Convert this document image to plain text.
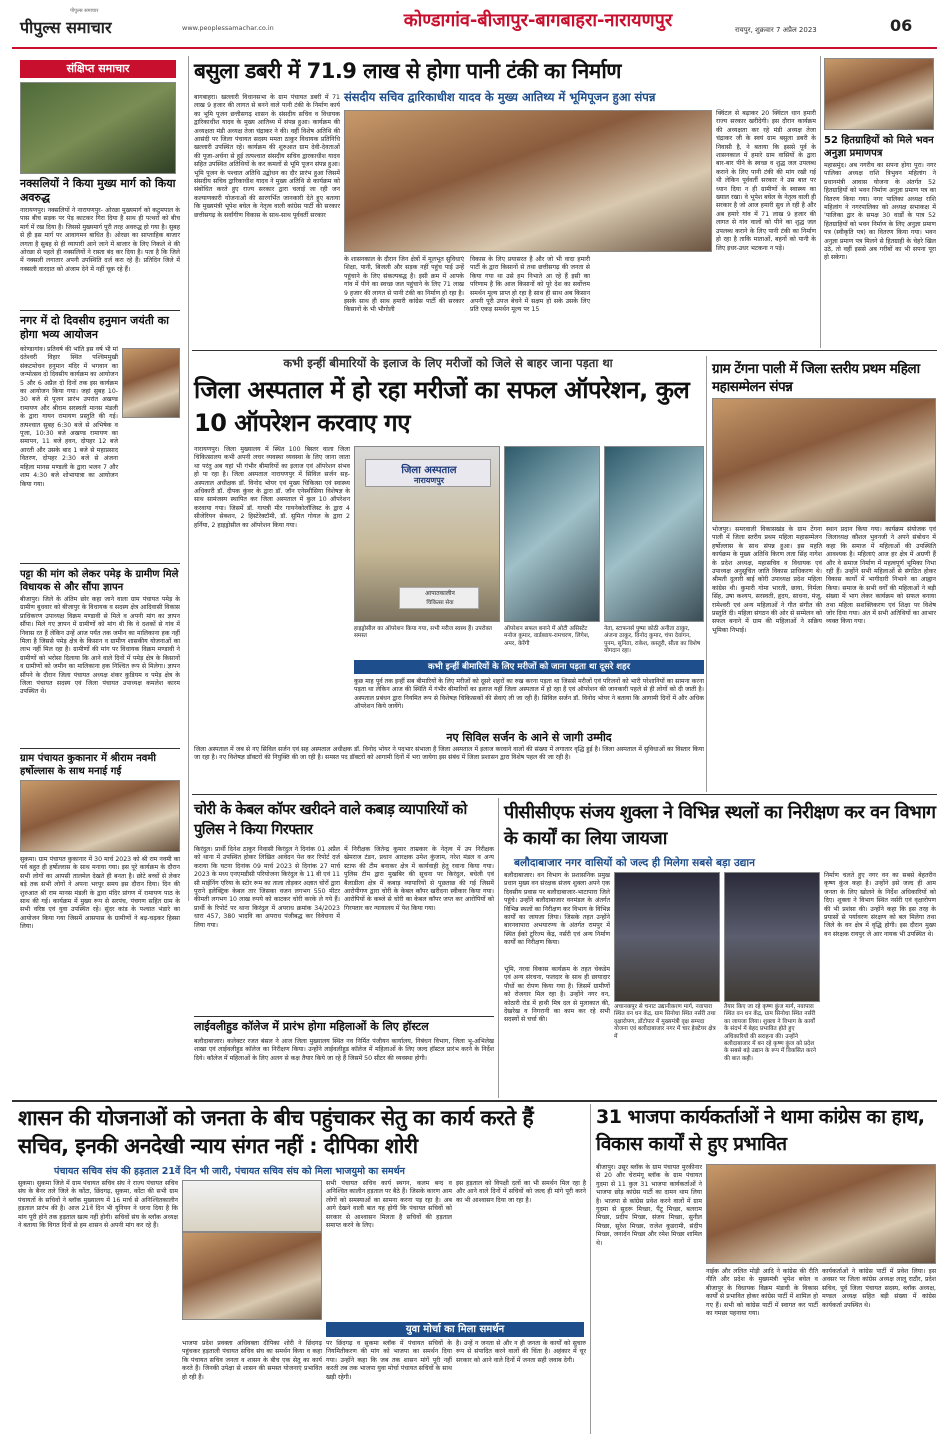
पीपुल्स समाचार
पीपुल्स समाचार	www.peoplessamachar.co.in	कोण्डागांव-बीजापुर-बागबाहरा-नारायणपुर	रायपुर, शुक्रवार 7 अप्रैल 2023	06
संक्षिप्त समाचार
नक्सलियों ने किया मुख्य मार्ग को किया अवरुद्ध
नारायणपुर। नक्सलियों ने नारायणपुर- ओरछा मुख्यमार्ग को कटुमपाल के पास बीच सड़क पर पेड़ काटकर गिरा दिया है साथ ही पत्थरों को बीच मार्ग में रख दिया है। जिससे मुख्यमार्ग पूरी तरह अवरुद्ध हो गया है। सुबह से ही इस मार्ग पर आवागमन बाधित है। ओरछा का साप्ताहिक बाजार लगता है सुबह से ही व्यापारी आने जाने में बाजार के लिए निकले थे की ओरछा से पहले ही नक्सलियों ने रास्ता बंद कर दिया है। पता है कि जिले में नक्सली लगातार अपनी उपस्थिति दर्ज करा रहे हैं। प्रतिदिन जिले में नक्सली वारदात को अंजाम देने में नहीं चूक रहे हैं।
नगर में दो दिवसीय हनुमान जयंती का होगा भव्य आयोजन
कोण्डागांव। प्रतिवर्ष की भांति इस वर्ष भी मां दंतेश्वरी विहार स्थित पश्चिममुखी संकटमोचन हनुमान मंदिर में भगवान का जन्मोत्सव दो दिवसीय कार्यक्रम का आयोजन 5 और 6 अप्रैल दो दिनों तक इस कार्यक्रम का आयोजन किया गया। जहां सुबह 10-30 बजे से पूजन प्रारंभ उपरांत अखण्ड रामायण और श्रीराम सरस्वती मानस मंडली के द्वारा गायन रामायण प्रस्तुति की गई। तत्पश्चात सुबह 6:30 बजे से अभिषेक व पूजा, 10:30 बजे अखण्ड रामायण का समापन, 11 बजे हवन, दोपहर 12 बजे आरती और उसके बाद 1 बजे से महाप्रसाद वितरण, दोपहर 2:30 बजे से अंजना महिला मानस मण्डली के द्वारा भजन 7 और शाम 4:30 बजे शोभायात्रा का आयोजन किया गया।
पट्टा की मांग को लेकर पमेड़ के ग्रामीण मिले विधायक से और सौंपा ज्ञापन
बीजापुर। जिले के अंतिम छोर कहा जाने वाला ग्राम पंचायत पमेड़ के ग्रामीण बुधवार को बीजापुर के विधायक व सदस्य क्षेत्र आदिवासी विकास प्राधिकरण उपाध्यक्ष विक्रम मण्डावी से मिले व अपनी मांग का ज्ञापन सौंपा। मिले गए ज्ञापन में ग्रामीणों को मांग थी कि वे दशकों से गांव में निवास रत हैं लेकिन उन्हें आज पर्यंत तक जमीन का मालिकाना हक नहीं मिला है जिससे पमेड़ क्षेत्र के किसान व ग्रामीण शासकीय योजनाओं का लाभ नहीं मिल रहा है। ग्रामीणों की मांग पर विधायक विक्रम मण्डावी ने ग्रामीणों को भरोसा दिलाया कि आने वाले दिनों में पमेड़ क्षेत्र के किसानों व ग्रामीणों को जमीन का मालिकाना हक निश्चित रूप से मिलेगा। ज्ञापन सौंपने के दौरान जिला पंचायत अध्यक्ष शंकर कुडियम व पमेड़ क्षेत्र के जिला पंचायत सदस्य एवं जिला पंचायत उपाध्यक्ष कमलेश कारम उपस्थित थे।
ग्राम पंचायत कुकानार में श्रीराम नवमी हर्षोल्लास के साथ मनाई गई
सुकमा। ग्राम पंचायत कुकानार में 30 मार्च 2023 को श्री राम नवमी का पर्व बहुत ही हर्षोल्लास के साथ मनाया गया। इस पूरे कार्यक्रम के दौरान सभी लोगों का आपसी तालमेल देखते ही बनता है। छोटे बच्चों से लेकर बड़े तक सभी लोगों ने अपना भरपूर समय इस दौरान दिया। दिन की शुरुआत श्री राम मानस मंडली के द्वारा मंदिर प्रांगण में रामायण पाठ के साथ की गई। कार्यक्रम में मुख्य रूप से सरपंच, पंचगण सहित ग्राम के सभी वरिष्ठ एवं युवा उपस्थित रहे। सुंदर कांड के पश्चात भंडारे का आयोजन किया गया जिसमें आसपास के ग्रामीणों ने बढ़-चढ़कर हिस्सा लिया।
बसुला डबरी में 71.9 लाख से होगा पानी टंकी का निर्माण
संसदीय सचिव द्वारिकाधीश यादव के मुख्य आतिथ्य में भूमिपूजन हुआ संपन्न
बागबाहरा। खल्लारी विधानसभा के ग्राम पंचायत डबरी में 71 लाख 9 हजार की लागत से बनने वाले पानी टंकी के निर्माण कार्य का भूमि पूजन छत्तीसगढ़ शासन के संसदीय सचिव व विधायक द्वारिकाधीश यादव के मुख्य आतिथ्य में संपन्न हुआ। कार्यक्रम की अध्यक्षता मंडी अध्यक्ष तेजा चंद्राकर ने की। वहीं विशेष अतिथि की आसंदी पर जिला पंचायत सदस्य ममता ठाकुर विधायक प्रतिनिधि खल्लारी उपस्थित रहे। कार्यक्रम की शुरुआत ग्राम देवी-देवताओं की पूजा-अर्चना से हुई तत्पश्चात संसदीय सचिव द्वारकाधीश यादव सहित उपस्थित अतिथियों के कर कमलों से भूमि पूजन संपन्न हुआ। भूमि पूजन के पश्चात अतिथि उद्बोधन का दौर प्रारंभ हुआ जिसमें संसदीय सचिव द्वारिकाधीश यादव ने मुख्य अतिथि से कार्यक्रम को संबोधित करते हुए राज्य सरकार द्वारा चलाई जा रही जन कल्याणकारी योजनाओं की सारगर्भित जानकारी देते हुए बताया कि मुख्यमंत्री भूपेश बघेल के नेतृत्व वाली कांग्रेस पार्टी की सरकार छत्तीसगढ़ के सर्वांगीण विकास के साथ-साथ पूर्ववर्ती सरकार
के शासनकाल के दौरान जिन क्षेत्रों में मूलभूत सुविधाएं शिक्षा, पानी, बिजली और सड़क नहीं पहुंच पाई उन्हें पहुंचाने के लिए संकल्पबद्ध है। इसी क्रम में आपके गांव में पीने का स्वच्छ जल पहुंचाने के लिए 71 लाख 9 हजार की लागत से पानी टंकी का निर्माण हो रहा है। इसके साथ ही साथ हमारी कांग्रेस पार्टी की सरकार किसानों के भी भौगोली
विकास के लिए प्रयासरत है और जो भी वादा हमारी पार्टी के द्वारा किसानों से तथा छत्तीसगढ़ की जनता से किया गया था उसे हम निभाते आ रहे हैं इसी का परिणाम है कि आज किसानों को पूरे देश का सर्वोत्तम समर्थन मूल्य प्राप्त हो रहा है साथ ही साथ अब किसान अपनी पूरी उपज बेचने में सक्षम हो सके उसके लिए प्रति एकड़ समर्थन मूल्य पर 15
क्विंटल से बढ़ाकर 20 क्विंटल धान हमारी राज्य सरकार खरीदेगी। इस दौरान कार्यक्रम की अध्यक्षता कर रहे मंडी अध्यक्ष तेजा चंद्राकर जी के स्वयं ग्राम बसुला डबरी के निवासी है, ने बताया कि इससे पूर्व के शासनकाल में हमारे ग्राम वासियों के द्वारा बार-बार पीने के स्वच्छ व शुद्ध जल उपलब्ध कराने के लिए पानी टंकी की मांग रखी गई थी लेकिन पूर्ववर्ती सरकार ने उस बात पर ध्यान दिया न ही ग्रामीणों के स्वास्थ्य का ख्याल रखा। वे भूपेश बघेल के नेतृत्व वाली ही सरकार है जो आज हमारी सुध ले रही है और अब हमारे गांव में 71 लाख 9 हजार की लागत से गांव वालों को पीने का शुद्ध जल उपलब्ध कराने के लिए पानी टंकी का निर्माण हो रहा है ताकि माताओं, बहनों को पानी के लिए इधर-उधर भटकना न पड़े।
52 हितग्राहियों को मिले भवन अनुज्ञा प्रमाणपत्र
महासमुंद। अब नगरीय का सपना होगा पूरा। नगर पालिका अध्यक्ष राशि त्रिभुवन महिलांग ने प्रधानमंत्री आवास योजना के अंतर्गत 52 हितग्राहियों को भवन निर्माण अनुज्ञा प्रमाण पत्र का वितरण किया गया। नगर पालिका अध्यक्ष राशि महिलांग ने नगरपालिका को अध्यक्ष सभाकक्ष में 'पालिका द्वार के समक्ष 30 वार्डों के पात्र 52 हितग्राहियों को भवन निर्माण के लिए अनुज्ञा प्रमाण पत्र (स्वीकृति पत्र) का वितरण किया गया। भवन अनुज्ञा प्रमाण पत्र मिलने से हितग्राही के चेहरे खिल उठे, तो वहीं इससे अब गरीबों का भी सपना पूरा हो सकेगा।
कभी इन्हीं बीमारियों के इलाज के लिए मरीजों को जिले से बाहर जाना पड़ता था
जिला अस्पताल में हो रहा मरीजों का सफल ऑपरेशन, कुल 10 ऑपरेशन करवाए गए
नारायणपुर। जिला मुख्यालय में स्थित 100 बिस्तर वाला जिला चिकित्सालय कभी अपनी लचर व्यवस्था व्यवस्था के लिए जाना जाता था परंतु अब यहां भी गंभीर बीमारियों का इलाज एवं ऑपरेशन संभव हो पा रहा है। जिला अस्पताल नारायणपुर में सिविल सर्जन सह-अस्पताल अधीक्षक डॉ. विनोद भोयर एवं मुख्य चिकित्सा एवं स्वास्थ्य अधिकारी डॉ. दीपक कुंवर के द्वारा डॉ. जॉन एनेस्थीसिया विशेषज्ञ के साथ सामंजस्य स्थापित कर जिला अस्पताल में कुल 10 ऑपरेशन करवाया गया। जिसमें डॉ. गायत्री मीर गायनेकोलॉजिस्ट के द्वारा 4 सीजेरियन सेक्शन, 2 हिस्टेरेक्टॉमी, डॉ. सुमित गोयल के द्वारा 2 हर्निया, 2 हाइड्रोसील का ऑपरेशन किया गया।
जिला अस्पताल
नारायणपुर
आपातकालीन
चिकित्सा सेवा
हाइड्रोसील का ऑपरेशन किया गया, सभी मरीज स्वस्थ हैं। उपरोक्त समस्त
ऑपरेशन सफल बनाने में ओटी असिस्टेंट मनोज कुमार, वार्डब्वाय-रामचरण, लिगेश, अमर, केरेंगी
नेता, स्टाफनर्स पुष्पा कोठी अनीता ठाकुर, अंजना ठाकुर, विनोद कुमार, चंपा देवांगन, पुनम, सुनिता, राकेश, कस्तूरी, सीता का विशेष योगदान रहा।
कभी इन्हीं बीमारियों के लिए मरीजों को जाना पड़ता था दूसरे शहर
कुछ माह पूर्व तक इन्हीं सब बीमारियों के लिए मरीजों को दूसरे शहरों का रुख करना पड़ता था जिससे मरीजों एवं परिजनों को भारी परेशानियों का सामना करना पड़ता था लेकिन आज की स्थिति में गंभीर बीमारियों का इलाज यहीं जिला अस्पताल में हो रहा है एवं ऑपरेशन की जानकारी पहले से ही लोगों को दी जाती है। अस्पताल प्रबंधन द्वारा नियमित रूप से विशेषज्ञ चिकित्सकों की सेवाएं ली जा रही हैं। सिविल सर्जन डॉ. विनोद भोयर ने बताया कि आगामी दिनों में और अधिक ऑपरेशन किये जायेंगे।
नए सिविल सर्जन के आने से जागी उम्मीद
जिला अस्पताल में जब से नए सिविल सर्जन एवं सह अस्पताल अधीक्षक डॉ. विनोद भोयर ने पदभार संभाला है जिला अस्पताल में इलाज करवाने वालों की संख्या में लगातार वृद्धि हुई है। जिला अस्पताल में सुविधाओं का विस्तार किया जा रहा है। नए विशेषज्ञ डॉक्टरों की नियुक्ति की जा रही है। समस्त पद डॉक्टरों को आगामी दिनों में भरा जायेगा इस संबंध में जिला प्रशासन द्वारा विशेष पहल की जा रही है।
ग्राम टेंगना पाली में जिला स्तरीय प्रथम महिला महासम्मेलन संपन्न
भोजपुर। समरवाली विकासखंड के ग्राम टेंगना पाली में जिला स्तरीय प्रथम महिला महासम्मेलन हर्षोल्लास के साथ संपन्न हुआ। इस महति कार्यक्रम के मुख्य अतिथि किरण लता सिंह नागेश के प्रदेश अध्यक्ष, महासचिव व विधायक एवं उपाध्यक्ष अनुसूचित जाति विकास प्राधिकरण थे। श्रीमती दुलारी बाई कोरी उपाध्यक्ष प्रदेश महिला कांग्रेस थी। कुमारी गोमा भारती, छाया, निर्मला सिंह, उषा कश्यप, सरस्वती, हृदय, साधना, मंजू, रामेश्वरी एवं अन्य महिलाओं ने गीत संगीत की प्रस्तुति दी। महिला संगठन की ओर से सम्मेलन को सफल बनाने में ग्राम की महिलाओं ने सक्रिय भूमिका निभाई।
स्थान प्रदान किया गया। कार्यक्रम संयोजक एवं जिलाध्यक्ष कौशल भुवनजी ने अपने संबोधन में कहा कि समाज में महिलाओं की उपस्थिति आवश्यक है। महिलाएं आज हर क्षेत्र में अग्रणी हैं और वे समाज निर्माण में महत्वपूर्ण भूमिका निभा रही हैं। उन्होंने सभी महिलाओं से संगठित होकर विकास कार्यों में भागीदारी निभाने का आह्वान किया। समाज के सभी वर्गों की महिलाओं ने बड़ी संख्या में भाग लेकर कार्यक्रम को सफल बनाया तथा महिला सशक्तिकरण एवं शिक्षा पर विशेष जोर दिया गया। अंत में सभी अतिथियों का आभार व्यक्त किया गया।
चोरी के केबल कॉपर खरीदने वाले कबाड़ व्यापारियों को पुलिस ने किया गिरफ्तार
किरंदुल। प्रार्थी दिनेश ठाकुर निवासी किरंदुल ने दिनांक 01 अप्रैल को थाना में उपस्थित होकर लिखित आवेदन पेश कर रिपोर्ट दर्ज कराया कि घटना दिनांक 09 मार्च 2023 से दिनांक 27 मार्च 2023 के मध्य एनएमडीसी परियोजना किरंदुल के 11 बी एवं 11 सी माईनिंग एरिया के स्टोर रूम का ताला तोड़कर अज्ञात चोरों द्वारा पुराने इलेक्ट्रिक केबल तार जिसका वजन लगभग 550 मीटर कीमती लगभग 10 लाख रुपये को काटकर चोरी करके ले गये हैं। प्रार्थी के रिपोर्ट पर थाना किरंदुल में अपराध क्रमांक 34/2023 धारा 457, 380 भादवि का अपराध पंजीबद्ध कर विवेचना में लिया गया।
में निरीक्षक जितेन्द्र कुमार ताम्रकार के नेतृत्व में उप निरीक्षक खेमराज टंडन, प्रधान आरक्षक उमेश कुंजाम, नरेश मंडल व अन्य स्टाफ की टीम बनाकर क्षेत्र में कार्यवाही हेतु रवाना किया गया। पुलिस टीम द्वारा मुखबिर की सूचना पर किरंदुल, बचेली एवं बैलाडीला क्षेत्र में कबाड़ व्यापारियों से पूछताछ की गई जिसमें आरोपीगण द्वारा चोरी के केबल कॉपर खरीदना स्वीकार किया गया। आरोपियों के कब्जे से चोरी का केबल कॉपर जप्त कर आरोपियों को गिरफ्तार कर न्यायालय में पेश किया गया।
लाईवलीहुड कॉलेज में प्रारंभ होगा महिलाओं के लिए हॉस्टल
बलौदाबाजार। कलेक्टर रजत बंसल ने आज जिला मुख्यालय स्थित नव निर्मित पंजीयन कार्यालय, निबंधन विभाग, जिला भू-अभिलेख शाखा एवं लाईवलीहुड कॉलेज का निरीक्षण किया। उन्होंने लाईवलीहुड कॉलेज में महिलाओं के लिए जल्द हॉस्टल प्रारंभ करने के निर्देश दिये। कॉलेज में महिलाओं के लिए अलग से कक्ष तैयार किये जा रहे हैं जिसमें 50 सीटर की व्यवस्था होगी।
पीसीसीएफ संजय शुक्ला ने विभिन्न स्थलों का निरीक्षण कर वन विभाग के कार्यों का लिया जायजा
बलौदाबाजार नगर वासियों को जल्द ही मिलेगा सबसे बड़ा उद्यान
बलौदाबाजार। वन विभाग के प्रशासनिक प्रमुख प्रधान मुख्य वन संरक्षक संजय शुक्ला अपने एक दिवसीय प्रवास पर बलौदाबाजार-भाटापारा जिले पहुंचे। उन्होंने बलौदाबाजार वनमंडल के अंतर्गत विभिन्न स्थलों का निरीक्षण कर विभाग के विभिन्न कार्यों का जायजा लिया। जिसके तहत उन्होंने बारनवापारा अभयारण्य के अंतर्गत रामपुर में स्थित ईको टूरिज्म केंद्र, नर्सरी एवं अन्य निर्माण कार्यों का निरीक्षण किया।
भूमि, नरवा विकास कार्यक्रम के तहत चेकडेम एवं अन्य संरचना, फलदार के साथ ही छायादार पौधों का रोपण किया गया है। जिसमें ग्रामीणों को रोजगार मिल रहा है। उन्होंने नगर वन, कोठारी रोड में हाथी मित्र दल से मुलाकात की, देखरेख व निगरानी का काम कर रहे सभी सदस्यों से चर्चा की।
अचानकपुर से चनाट उद्यानीकरण मार्ग, नवापारा स्थित वन धन केंद्र, ग्राम सिनोधा स्थित नर्सरी तथा वृक्षारोपण, डोंटोपार में मुख्यमंत्री वृक्ष सम्पदा योजना एवं बलौदाबाजार नगर में चार हेक्टेयर क्षेत्र में
तैयार किए जा रहे कृष्ण कुंज मार्ग, नवापारा स्थित वन धन केंद्र, ग्राम सिनोधा स्थित नर्सरी का जायजा लिया। शुक्ला ने विभाग के कार्यों के संदर्भ में बेहद प्रभावित होते हुए अधिकारियों की सराहना की। उन्होंने बलौदाबाजार में बन रहे कृष्ण कुंज को प्रदेश के सबसे बड़े उद्यान के रूप में विकसित करने की बात कही।
निर्माण चलते हुए नगर वन का सबसे बेहतरीन कृष्ण कुंज कहा है। उन्होंने इसे जल्द ही आम जनता के लिए खोलने के निर्देश अधिकारियों को दिए। शुक्ला ने विभाग स्थित नर्सरी एवं वृक्षारोपण की भी प्रशंसा की। उन्होंने कहा कि इस तरह के प्रयासों से पर्यावरण संरक्षण को बल मिलेगा तथा जिले के वन क्षेत्र में वृद्धि होगी। इस दौरान मुख्य वन संरक्षक रायपुर जे आर नायक भी उपस्थित थे।
शासन की योजनाओं को जनता के बीच पहुंचाकर सेतु का कार्य करते हैं सचिव, इनकी अनदेखी न्याय संगत नहीं : दीपिका शोरी
पंचायत सचिव संघ की हड़ताल 21वें दिन भी जारी, पंचायत सचिव संघ को मिला भाजयुमो का समर्थन
सुकमा। सुकमा जिले में ग्राम पंचायत सचिव संघ ने राज्य पंचायत सचिव संघ के बैनर तले जिले के कोंटा, छिंदगढ़, सुकमा, कोंटा की सभी ग्राम पंचायतों के सचिवों ने ब्लॉक मुख्यालय में 16 मार्च से अनिश्चितकालीन हड़ताल प्रारंभ की है। आज 21वें दिन भी यूनियन ने धरना दिया है कि मांग पूरी होने तक हड़ताल खत्म नहीं होगी। सचिवों संघ के ब्लॉक अध्यक्ष ने बताया कि विगत दिनों से हम शासन से अपनी मांग कर रहे हैं।
सभी पंचायत सचिव कार्य स्थगन, कलम बन्द व अनिश्चित कालीन हड़ताल पर बैठे हैं। जिसके कारण आम लोगों को समस्याओं का सामना करना पड़ रहा है। अब आगे देखने वाली बात यह होगी कि पंचायत सचिवों को सरकार से आश्वासन मिलता है सचिवों की हड़ताल समाप्त करने के लिए।
इस हड़ताल को विपक्षी दलों का भी समर्थन मिल रहा है और आने वाले दिनों में सचिवों को जल्द ही मांगे पूरी करने का भी आश्वासन दिया जा रहा है।
युवा मोर्चा का मिला समर्थन
भाजपा प्रदेश प्रवक्ता अधिवक्ता दीपिका शोरी ने छिंदगढ़ पहुंचकर हड़ताली पंचायत सचिव संघ का समर्थन किया व कहा कि पंचायत सचिव जनता व शासन के बीच एक सेतु का कार्य करते हैं। जिनकी उपेक्षा से शासन की समस्त योजनाएं प्रभावित हो रही हैं।
पर छिंदगढ़ व सुकमा ब्लॉक में पंचायत सचिवों के नियमितीकरण की मांग को भाजपा का समर्थन दिया गया। उन्होंने कहा कि जब तक शासन मांगें पूरी नहीं करती तब तक भाजपा युवा मोर्चा पंचायत सचिवों के साथ खड़ी रहेगी।
है। उन्हें न जनता से और न ही जनता के कार्यों को सुचारु रूप से संपादित करने वालों की चिंता है। अहंकार में चूर सरकार को आने वाले दिनों में जनता सही जवाब देगी।
31 भाजपा कार्यकर्ताओं ने थामा कांग्रेस का हाथ, विकास कार्यों से हुए प्रभावित
बीजापुर। उसूर ब्लॉक के ग्राम पंचायत मुरकीनार से 20 और चेरामंगू ब्लॉक के ग्राम पंचायत गुदमा से 11 कुल 31 भाजपा कार्यकर्ताओं ने भाजपा छोड़ कांग्रेस पार्टी का दामन थाम लिया है। भाजपा से कांग्रेस प्रवेश करने वालों में ग्राम गुदमा से सुदरू मिच्छा, पैंटू मिच्छा, बलराम मिच्छा, प्रदीप मिच्छा, संजय मिच्छा, सुनील मिच्छा, सुरेश मिच्छा, राजेश कुडरामी, संदीप मिच्छा, जनार्दन मिच्छा और रमेश मिच्छा शामिल थे।
नाईक और ललित मोड़ी आदि ने कांग्रेस की रीति नीति और प्रदेश के मुख्यमंत्री भूपेश बघेल व बीजापुर के विधायक विक्रम मंडावी के विकास कार्यों से प्रभावित होकर कांग्रेस पार्टी में शामिल हो गए हैं। सभी को कांग्रेस पार्टी में स्वागत कर पार्टी का गमछा पहनाया गया।
कार्यकर्ताओं ने कांग्रेस पार्टी में प्रवेश लिया। इस अवसर पर जिला कांग्रेस अध्यक्ष लालू राठौर, प्रदेश सचिव, पूर्व जिला पंचायत सदस्य, ब्लॉक अध्यक्ष, मण्डल अध्यक्ष सहित बड़ी संख्या में कांग्रेस कार्यकर्ता उपस्थित थे।
